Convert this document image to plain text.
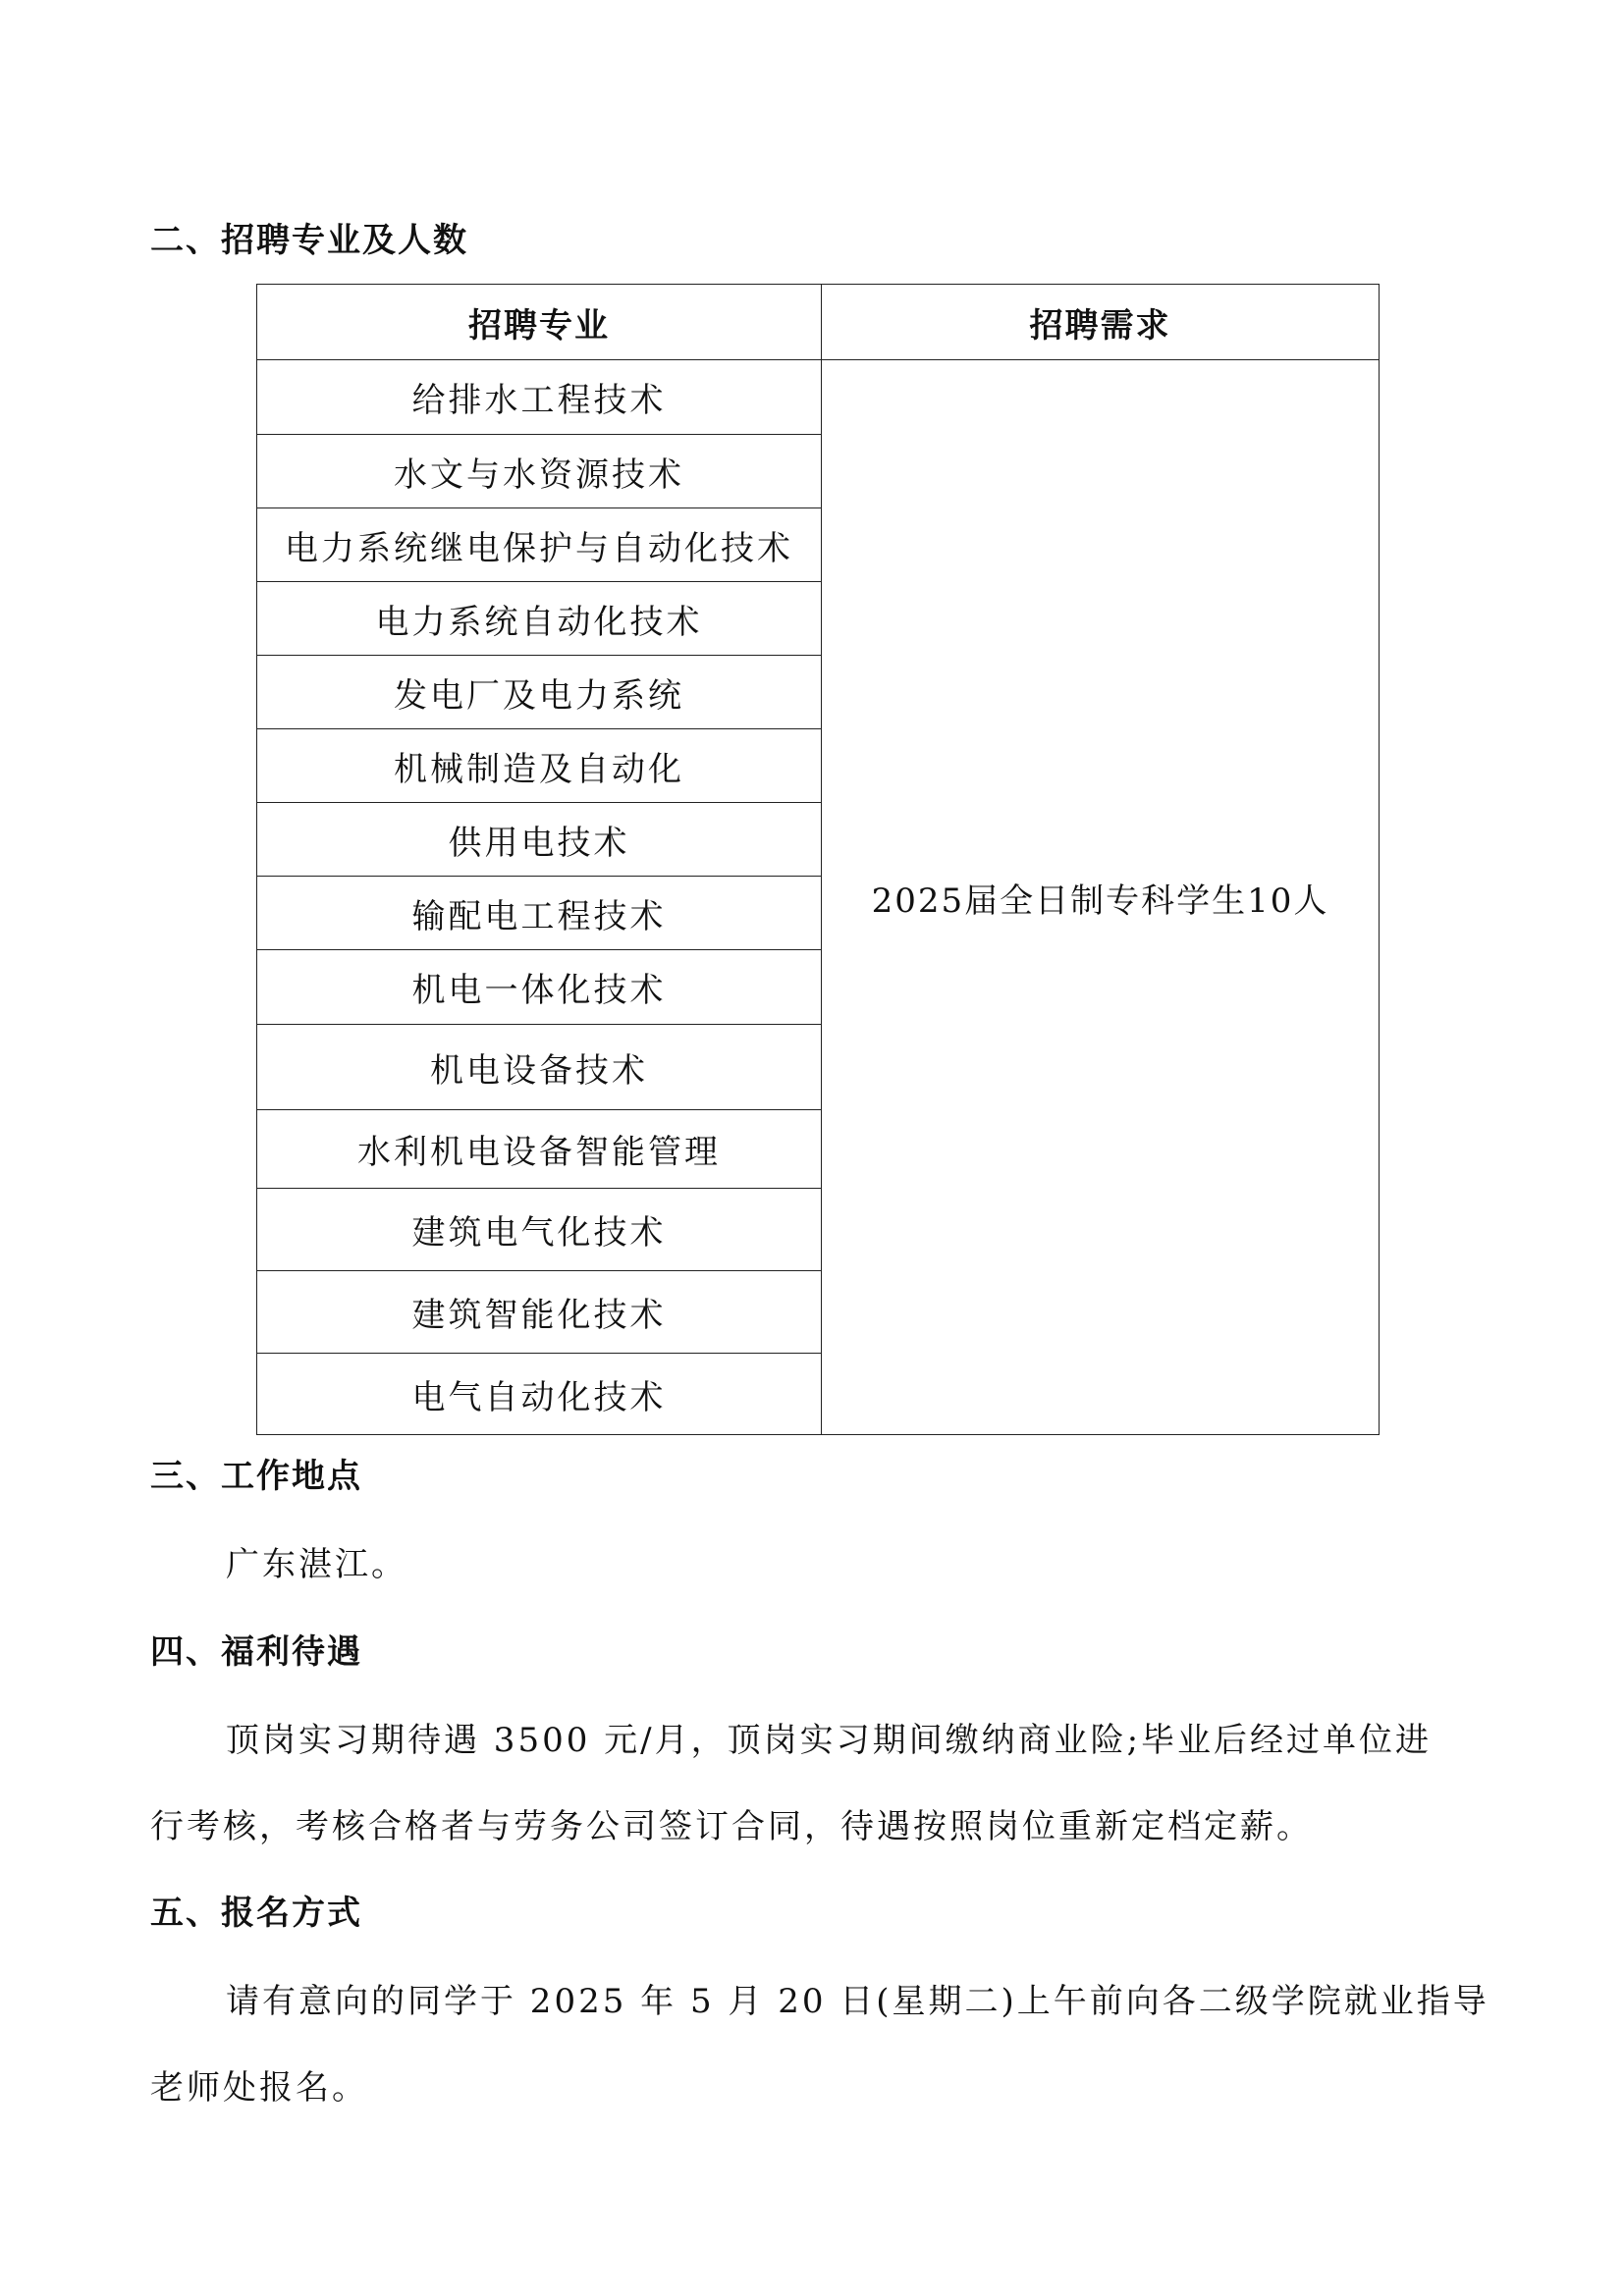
二、招聘专业及人数
招聘专业	招聘需求
给排水工程技术	2025届全日制专科学生10人
水文与水资源技术	
电力系统继电保护与自动化技术	
电力系统自动化技术	
发电厂及电力系统	
机械制造及自动化	
供用电技术	
输配电工程技术	
机电一体化技术	
机电设备技术	
水利机电设备智能管理	
建筑电气化技术	
建筑智能化技术	
电气自动化技术	
三、工作地点
广东湛江。
四、福利待遇
顶岗实习期待遇 3500 元/月，顶岗实习期间缴纳商业险;毕业后经过单位进
行考核，考核合格者与劳务公司签订合同，待遇按照岗位重新定档定薪。
五、报名方式
请有意向的同学于 2025 年 5 月 20 日(星期二)上午前向各二级学院就业指导
老师处报名。
